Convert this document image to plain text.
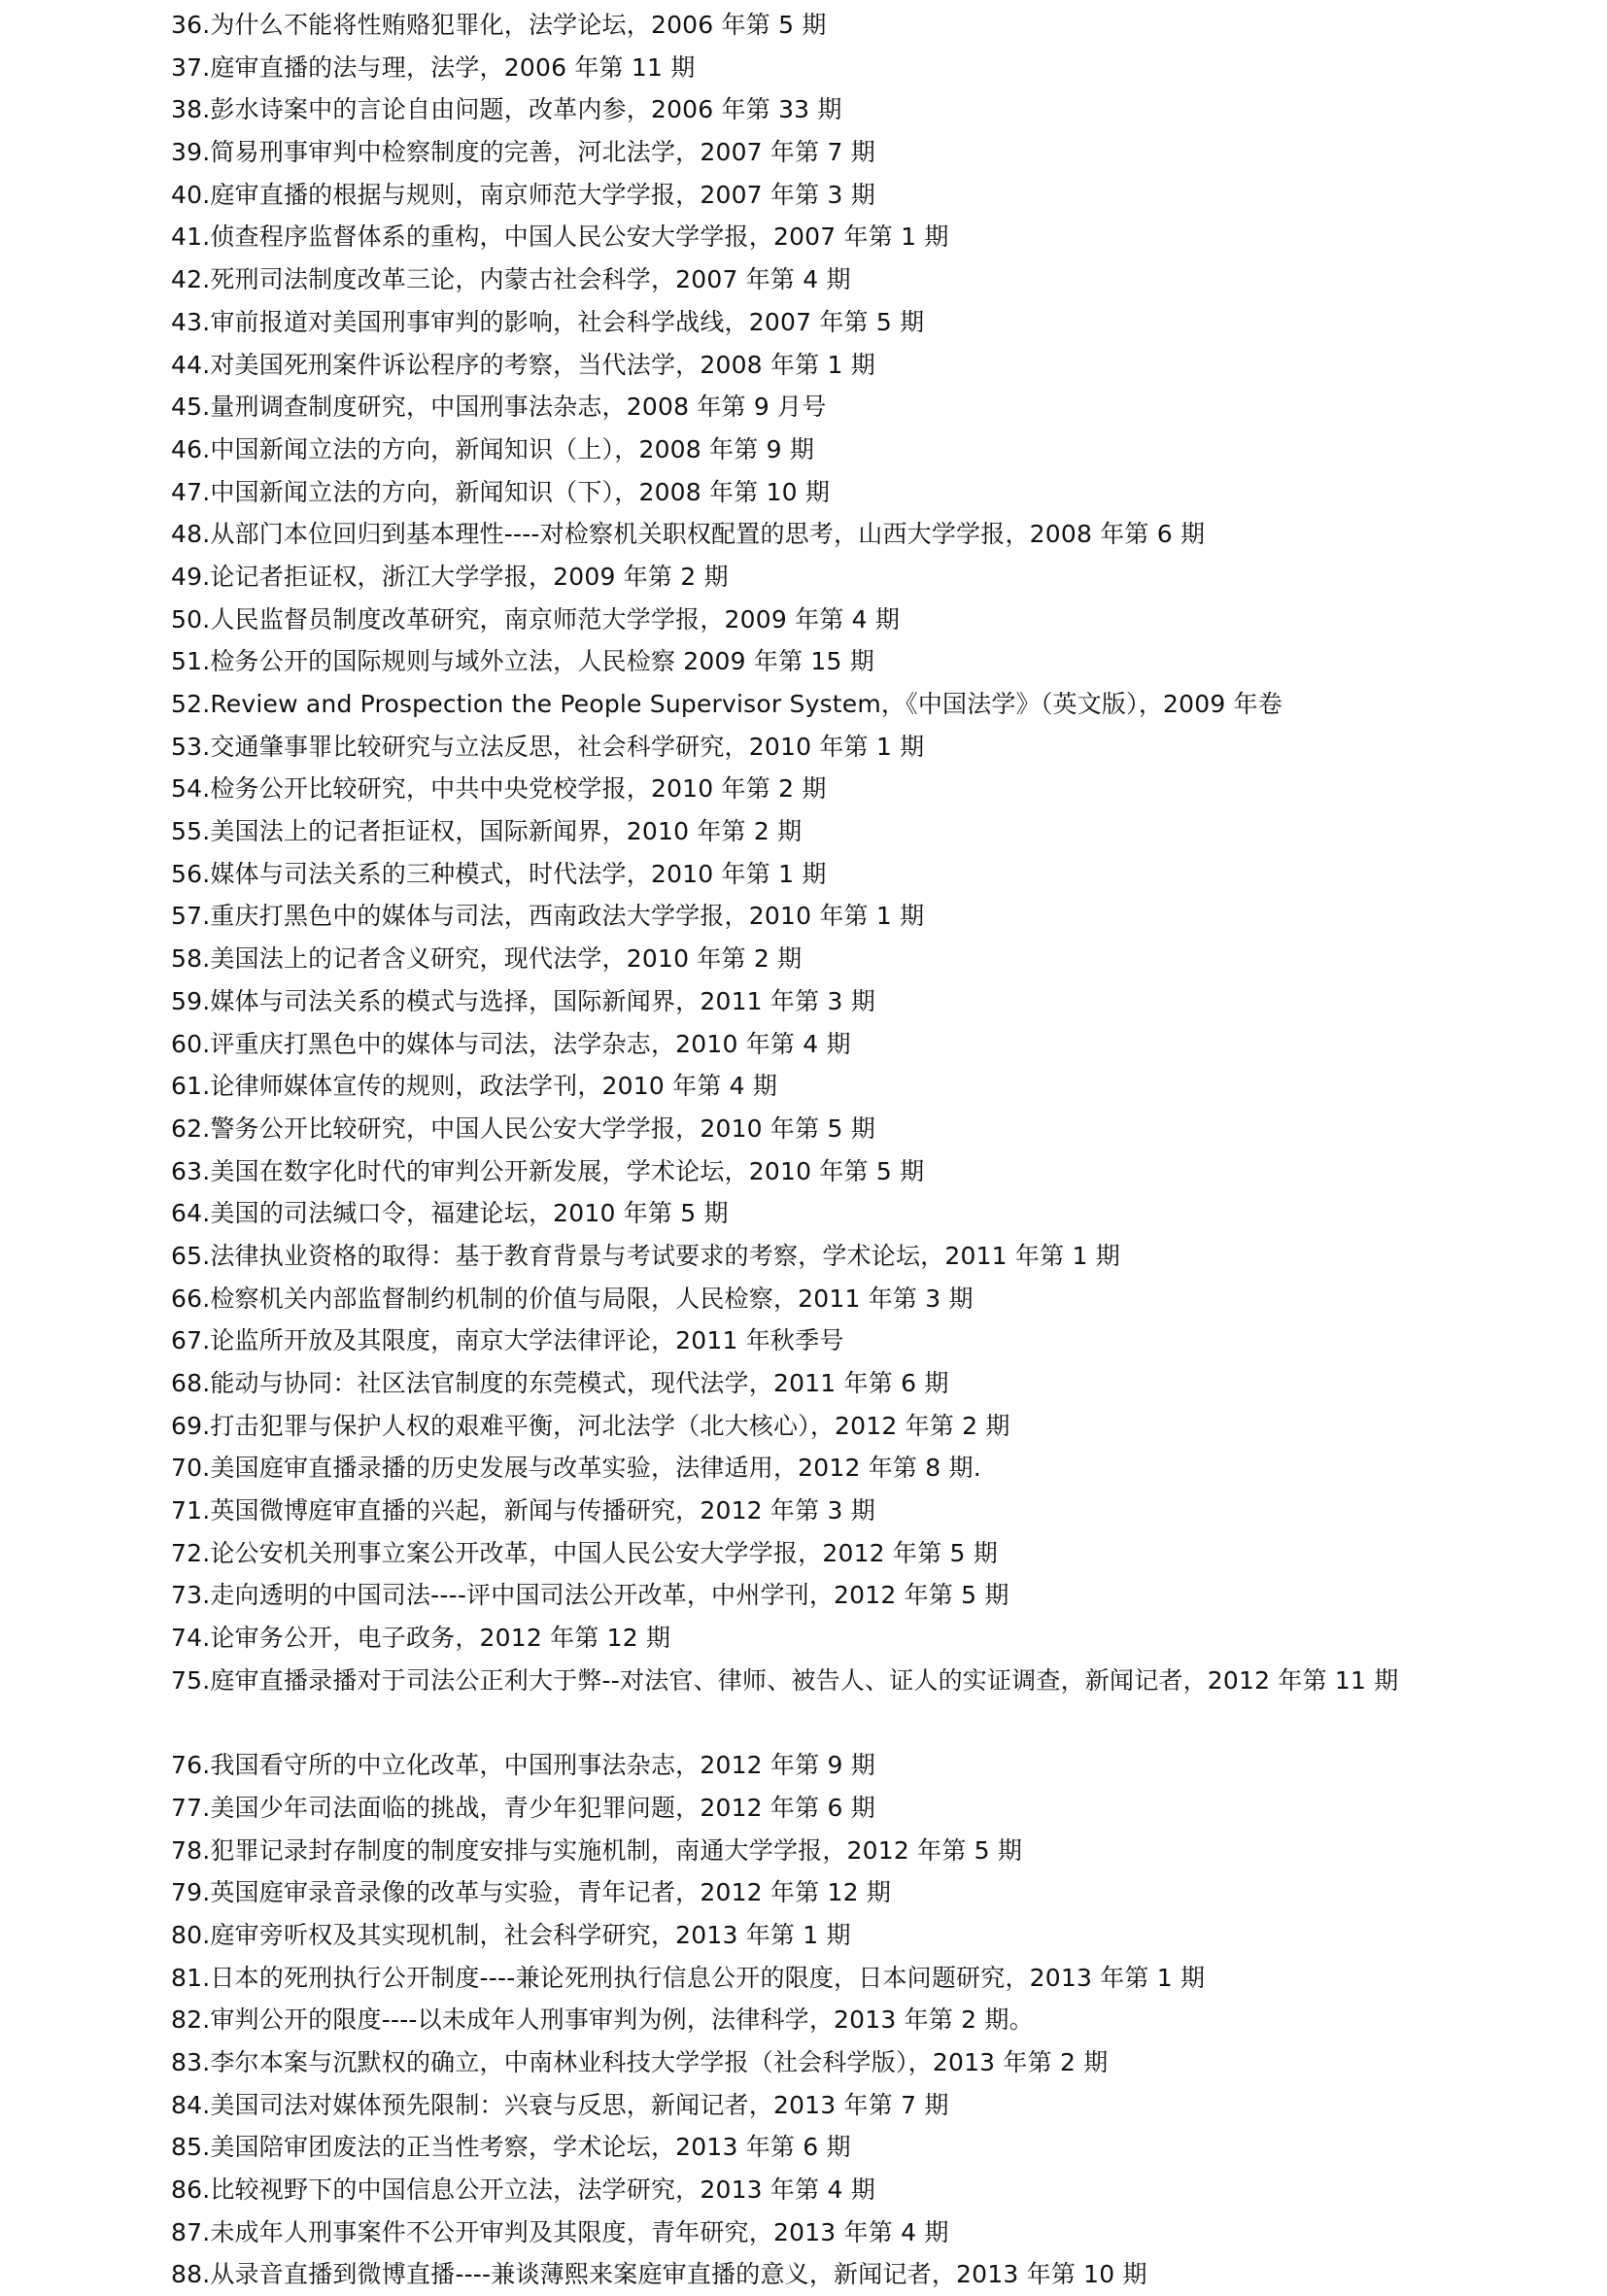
36.为什么不能将性贿赂犯罪化，法学论坛，2006 年第 5 期
37.庭审直播的法与理，法学，2006 年第 11 期
38.彭水诗案中的言论自由问题，改革内参，2006 年第 33 期
39.简易刑事审判中检察制度的完善，河北法学，2007 年第 7 期
40.庭审直播的根据与规则，南京师范大学学报，2007 年第 3 期
41.侦查程序监督体系的重构，中国人民公安大学学报，2007 年第 1 期
42.死刑司法制度改革三论，内蒙古社会科学，2007 年第 4 期
43.审前报道对美国刑事审判的影响，社会科学战线，2007 年第 5 期
44.对美国死刑案件诉讼程序的考察，当代法学，2008 年第 1 期
45.量刑调查制度研究，中国刑事法杂志，2008 年第 9 月号
46.中国新闻立法的方向，新闻知识（上），2008 年第 9 期
47.中国新闻立法的方向，新闻知识（下），2008 年第 10 期
48.从部门本位回归到基本理性----对检察机关职权配置的思考，山西大学学报，2008 年第 6 期
49.论记者拒证权，浙江大学学报，2009 年第 2 期
50.人民监督员制度改革研究，南京师范大学学报，2009 年第 4 期
51.检务公开的国际规则与域外立法，人民检察 2009 年第 15 期
52.Review and Prospection the People Supervisor System，《中国法学》（英文版），2009 年卷
53.交通肇事罪比较研究与立法反思，社会科学研究，2010 年第 1 期
54.检务公开比较研究，中共中央党校学报，2010 年第 2 期
55.美国法上的记者拒证权，国际新闻界，2010 年第 2 期
56.媒体与司法关系的三种模式，时代法学，2010 年第 1 期
57.重庆打黑色中的媒体与司法，西南政法大学学报，2010 年第 1 期
58.美国法上的记者含义研究，现代法学，2010 年第 2 期
59.媒体与司法关系的模式与选择，国际新闻界，2011 年第 3 期
60.评重庆打黑色中的媒体与司法，法学杂志，2010 年第 4 期
61.论律师媒体宣传的规则，政法学刊，2010 年第 4 期
62.警务公开比较研究，中国人民公安大学学报，2010 年第 5 期
63.美国在数字化时代的审判公开新发展，学术论坛，2010 年第 5 期
64.美国的司法缄口令，福建论坛，2010 年第 5 期
65.法律执业资格的取得：基于教育背景与考试要求的考察，学术论坛，2011 年第 1 期
66.检察机关内部监督制约机制的价值与局限，人民检察，2011 年第 3 期
67.论监所开放及其限度，南京大学法律评论，2011 年秋季号
68.能动与协同：社区法官制度的东莞模式，现代法学，2011 年第 6 期
69.打击犯罪与保护人权的艰难平衡，河北法学（北大核心），2012 年第 2 期
70.美国庭审直播录播的历史发展与改革实验，法律适用，2012 年第 8 期.
71.英国微博庭审直播的兴起，新闻与传播研究，2012 年第 3 期
72.论公安机关刑事立案公开改革，中国人民公安大学学报，2012 年第 5 期
73.走向透明的中国司法----评中国司法公开改革，中州学刊，2012 年第 5 期
74.论审务公开，电子政务，2012 年第 12 期
75.庭审直播录播对于司法公正利大于弊--对法官、律师、被告人、证人的实证调查，新闻记者，2012 年第 11 期
76.我国看守所的中立化改革，中国刑事法杂志，2012 年第 9 期
77.美国少年司法面临的挑战，青少年犯罪问题，2012 年第 6 期
78.犯罪记录封存制度的制度安排与实施机制，南通大学学报，2012 年第 5 期
79.英国庭审录音录像的改革与实验，青年记者，2012 年第 12 期
80.庭审旁听权及其实现机制，社会科学研究，2013 年第 1 期
81.日本的死刑执行公开制度----兼论死刑执行信息公开的限度，日本问题研究，2013 年第 1 期
82.审判公开的限度----以未成年人刑事审判为例，法律科学，2013 年第 2 期。
83.李尔本案与沉默权的确立，中南林业科技大学学报（社会科学版），2013 年第 2 期
84.美国司法对媒体预先限制：兴衰与反思，新闻记者，2013 年第 7 期
85.美国陪审团废法的正当性考察，学术论坛，2013 年第 6 期
86.比较视野下的中国信息公开立法，法学研究，2013 年第 4 期
87.未成年人刑事案件不公开审判及其限度，青年研究，2013 年第 4 期
88.从录音直播到微博直播----兼谈薄熙来案庭审直播的意义，新闻记者，2013 年第 10 期
